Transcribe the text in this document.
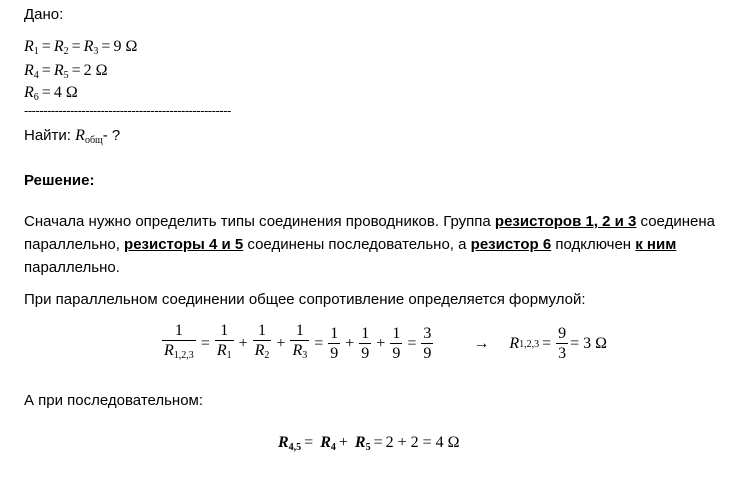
Дано:
$R_1 = R_2 = R_3 = 9$ Ω
$R_4 = R_5 = 2$ Ω
$R_6 = 4$ Ω
------------------------------------------------------
Найти: $R_{общ}-$ ?
Решение:
Сначала нужно определить типы соединения проводников. Группа резисторов 1, 2 и 3 соединена параллельно, резисторы 4 и 5 соединены последовательно, а резистор 6 подключен к ним параллельно.
При параллельном соединении общее сопротивление определяется формулой:
$\frac{1}{R_{1,2,3}} = \frac{1}{R_1} + \frac{1}{R_2} + \frac{1}{R_3} = \frac{1}{9} + \frac{1}{9} + \frac{1}{9} = \frac{3}{9}$	→ R $1,2,3 = \frac{9}{3} = 3$ Ω
А при последовательном:
$R_{4,5} = R_4 + R_5 = 2 + 2 = 4$ Ω
